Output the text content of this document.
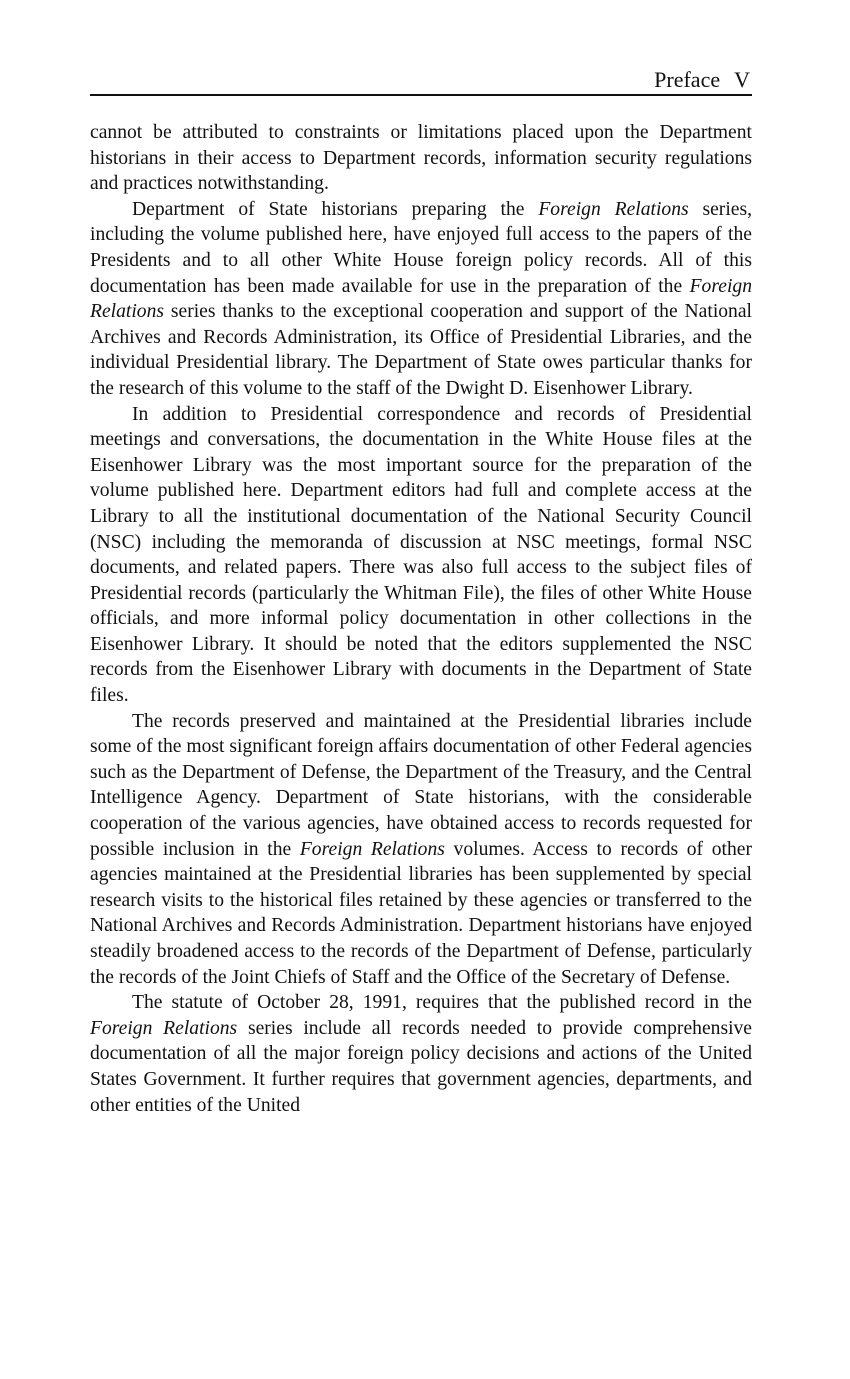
Preface V

cannot be attributed to constraints or limitations placed upon the Department historians in their access to Department records, information security regulations and practices notwithstanding.

Department of State historians preparing the Foreign Relations series, including the volume published here, have enjoyed full access to the papers of the Presidents and to all other White House foreign policy records. All of this documentation has been made available for use in the preparation of the Foreign Relations series thanks to the exceptional cooperation and support of the National Archives and Records Administration, its Office of Presidential Libraries, and the individual Presidential library. The Department of State owes particular thanks for the research of this volume to the staff of the Dwight D. Eisenhower Library.

In addition to Presidential correspondence and records of Presidential meetings and conversations, the documentation in the White House files at the Eisenhower Library was the most important source for the preparation of the volume published here. Department editors had full and complete access at the Library to all the institutional documentation of the National Security Council (NSC) including the memoranda of discussion at NSC meetings, formal NSC documents, and related papers. There was also full access to the subject files of Presidential records (particularly the Whitman File), the files of other White House officials, and more informal policy documentation in other collections in the Eisenhower Library. It should be noted that the editors supplemented the NSC records from the Eisenhower Library with documents in the Department of State files.

The records preserved and maintained at the Presidential libraries include some of the most significant foreign affairs documentation of other Federal agencies such as the Department of Defense, the Department of the Treasury, and the Central Intelligence Agency. Department of State historians, with the considerable cooperation of the various agencies, have obtained access to records requested for possible inclusion in the Foreign Relations volumes. Access to records of other agencies maintained at the Presidential libraries has been supplemented by special research visits to the historical files retained by these agencies or transferred to the National Archives and Records Administration. Department historians have enjoyed steadily broadened access to the records of the Department of Defense, particularly the records of the Joint Chiefs of Staff and the Office of the Secretary of Defense.

The statute of October 28, 1991, requires that the published record in the Foreign Relations series include all records needed to provide comprehensive documentation of all the major foreign policy decisions and actions of the United States Government. It further requires that government agencies, departments, and other entities of the United
